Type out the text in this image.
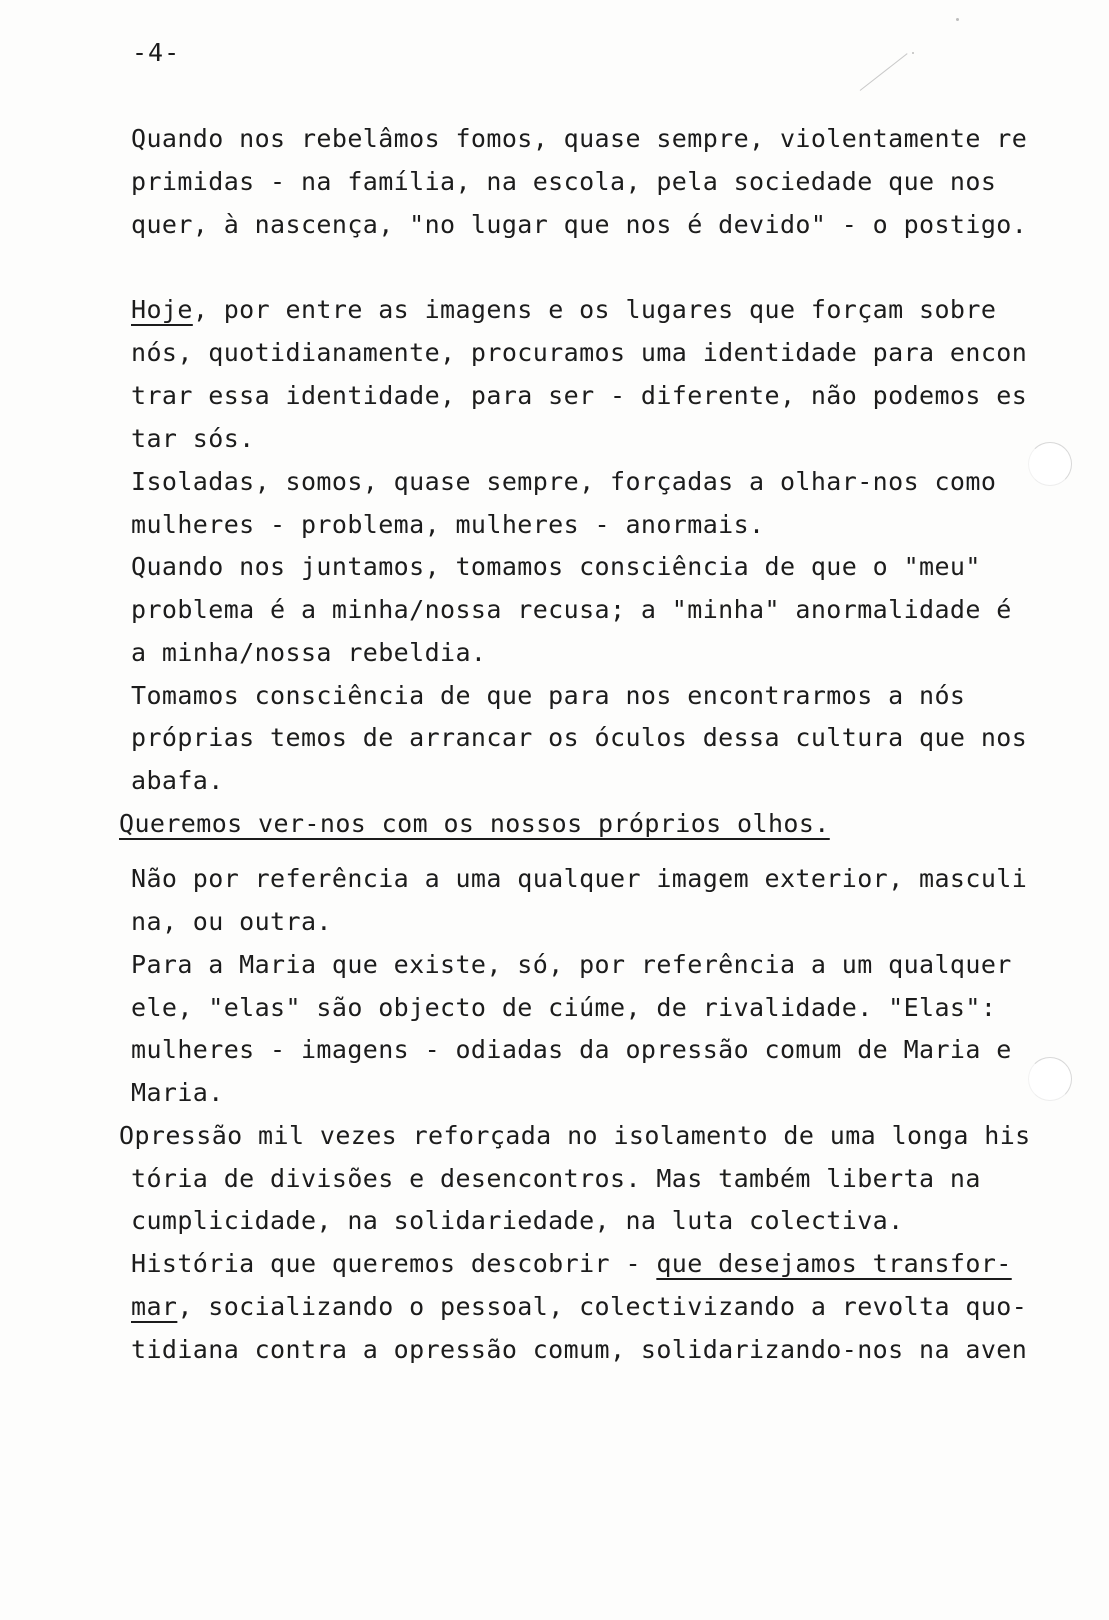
-4-
Quando nos rebelâmos fomos, quase sempre, violentamente re
primidas - na família, na escola, pela sociedade que nos
quer, à nascença, "no lugar que nos é devido" - o postigo.
Hoje, por entre as imagens e os lugares que forçam sobre
nós, quotidianamente, procuramos uma identidade para encon
trar essa identidade, para ser - diferente, não podemos es
tar sós.
Isoladas, somos, quase sempre, forçadas a olhar-nos como
mulheres - problema, mulheres - anormais.
Quando nos juntamos, tomamos consciência de que o "meu"
problema é a minha/nossa recusa; a "minha" anormalidade é
a minha/nossa rebeldia.
Tomamos consciência de que para nos encontrarmos a nós
próprias temos de arrancar os óculos dessa cultura que nos
abafa.
Queremos ver-nos com os nossos próprios olhos.
Não por referência a uma qualquer imagem exterior, masculi
na, ou outra.
Para a Maria que existe, só, por referência a um qualquer
ele, "elas" são objecto de ciúme, de rivalidade. "Elas":
mulheres - imagens - odiadas da opressão comum de Maria e
Maria.
Opressão mil vezes reforçada no isolamento de uma longa his
tória de divisões e desencontros. Mas também liberta na
cumplicidade, na solidariedade, na luta colectiva.
História que queremos descobrir - que desejamos transfor-
mar, socializando o pessoal, colectivizando a revolta quo-
tidiana contra a opressão comum, solidarizando-nos na aven
